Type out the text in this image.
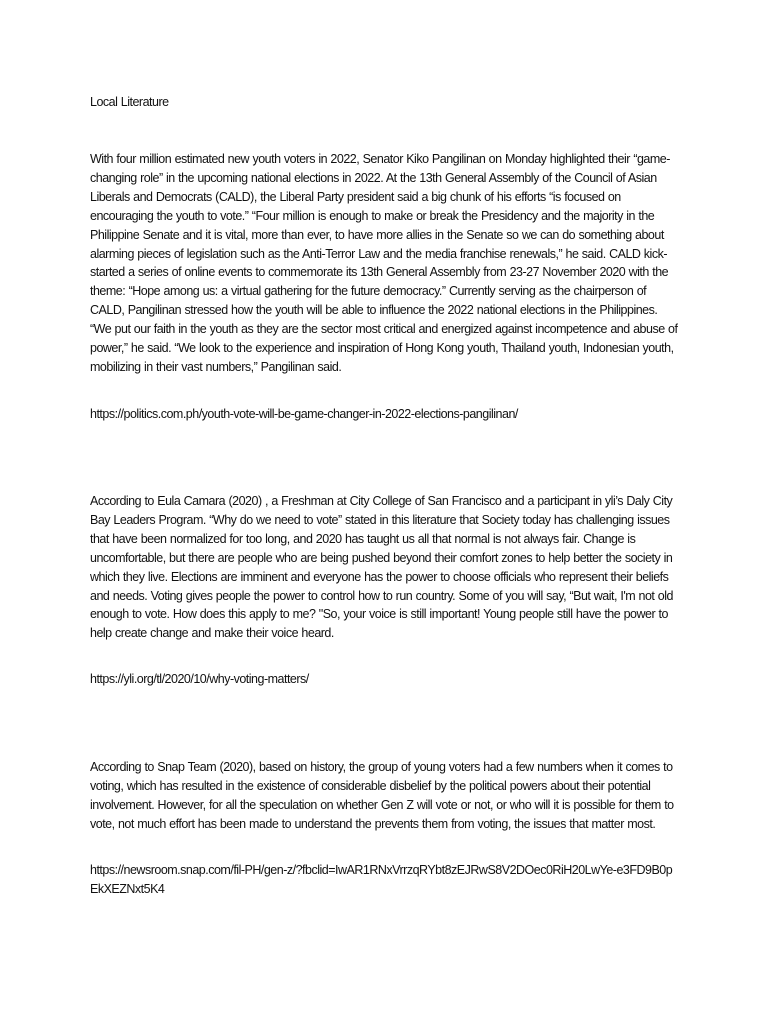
Local Literature

With four million estimated new youth voters in 2022, Senator Kiko Pangilinan on Monday highlighted their “game-changing role” in the upcoming national elections in 2022. At the 13th General Assembly of the Council of Asian Liberals and Democrats (CALD), the Liberal Party president said a big chunk of his efforts “is focused on encouraging the youth to vote.” “Four million is enough to make or break the Presidency and the majority in the Philippine Senate and it is vital, more than ever, to have more allies in the Senate so we can do something about alarming pieces of legislation such as the Anti-Terror Law and the media franchise renewals,” he said. CALD kick-started a series of online events to commemorate its 13th General Assembly from 23-27 November 2020 with the theme: “Hope among us: a virtual gathering for the future democracy.” Currently serving as the chairperson of CALD, Pangilinan stressed how the youth will be able to influence the 2022 national elections in the Philippines. “We put our faith in the youth as they are the sector most critical and energized against incompetence and abuse of power,” he said. “We look to the experience and inspiration of Hong Kong youth, Thailand youth, Indonesian youth, mobilizing in their vast numbers,” Pangilinan said.

https://politics.com.ph/youth-vote-will-be-game-changer-in-2022-elections-pangilinan/

According to Eula Camara (2020) , a Freshman at City College of San Francisco and a participant in yli’s Daly City Bay Leaders Program. “Why do we need to vote” stated in this literature that Society today has challenging issues that have been normalized for too long, and 2020 has taught us all that normal is not always fair. Change is uncomfortable, but there are people who are being pushed beyond their comfort zones to help better the society in which they live. Elections are imminent and everyone has the power to choose officials who represent their beliefs and needs. Voting gives people the power to control how to run country. Some of you will say, “But wait, I'm not old enough to vote. How does this apply to me? "So, your voice is still important! Young people still have the power to help create change and make their voice heard.

https://yli.org/tl/2020/10/why-voting-matters/

According to Snap Team (2020), based on history, the group of young voters had a few numbers when it comes to voting, which has resulted in the existence of considerable disbelief by the political powers about their potential involvement. However, for all the speculation on whether Gen Z will vote or not, or who will it is possible for them to vote, not much effort has been made to understand the prevents them from voting, the issues that matter most.

https://newsroom.snap.com/fil-PH/gen-z/?fbclid=IwAR1RNxVrrzqRYbt8zEJRwS8V2DOec0RiH20LwYe-e3FD9B0pEkXEZNxt5K4
